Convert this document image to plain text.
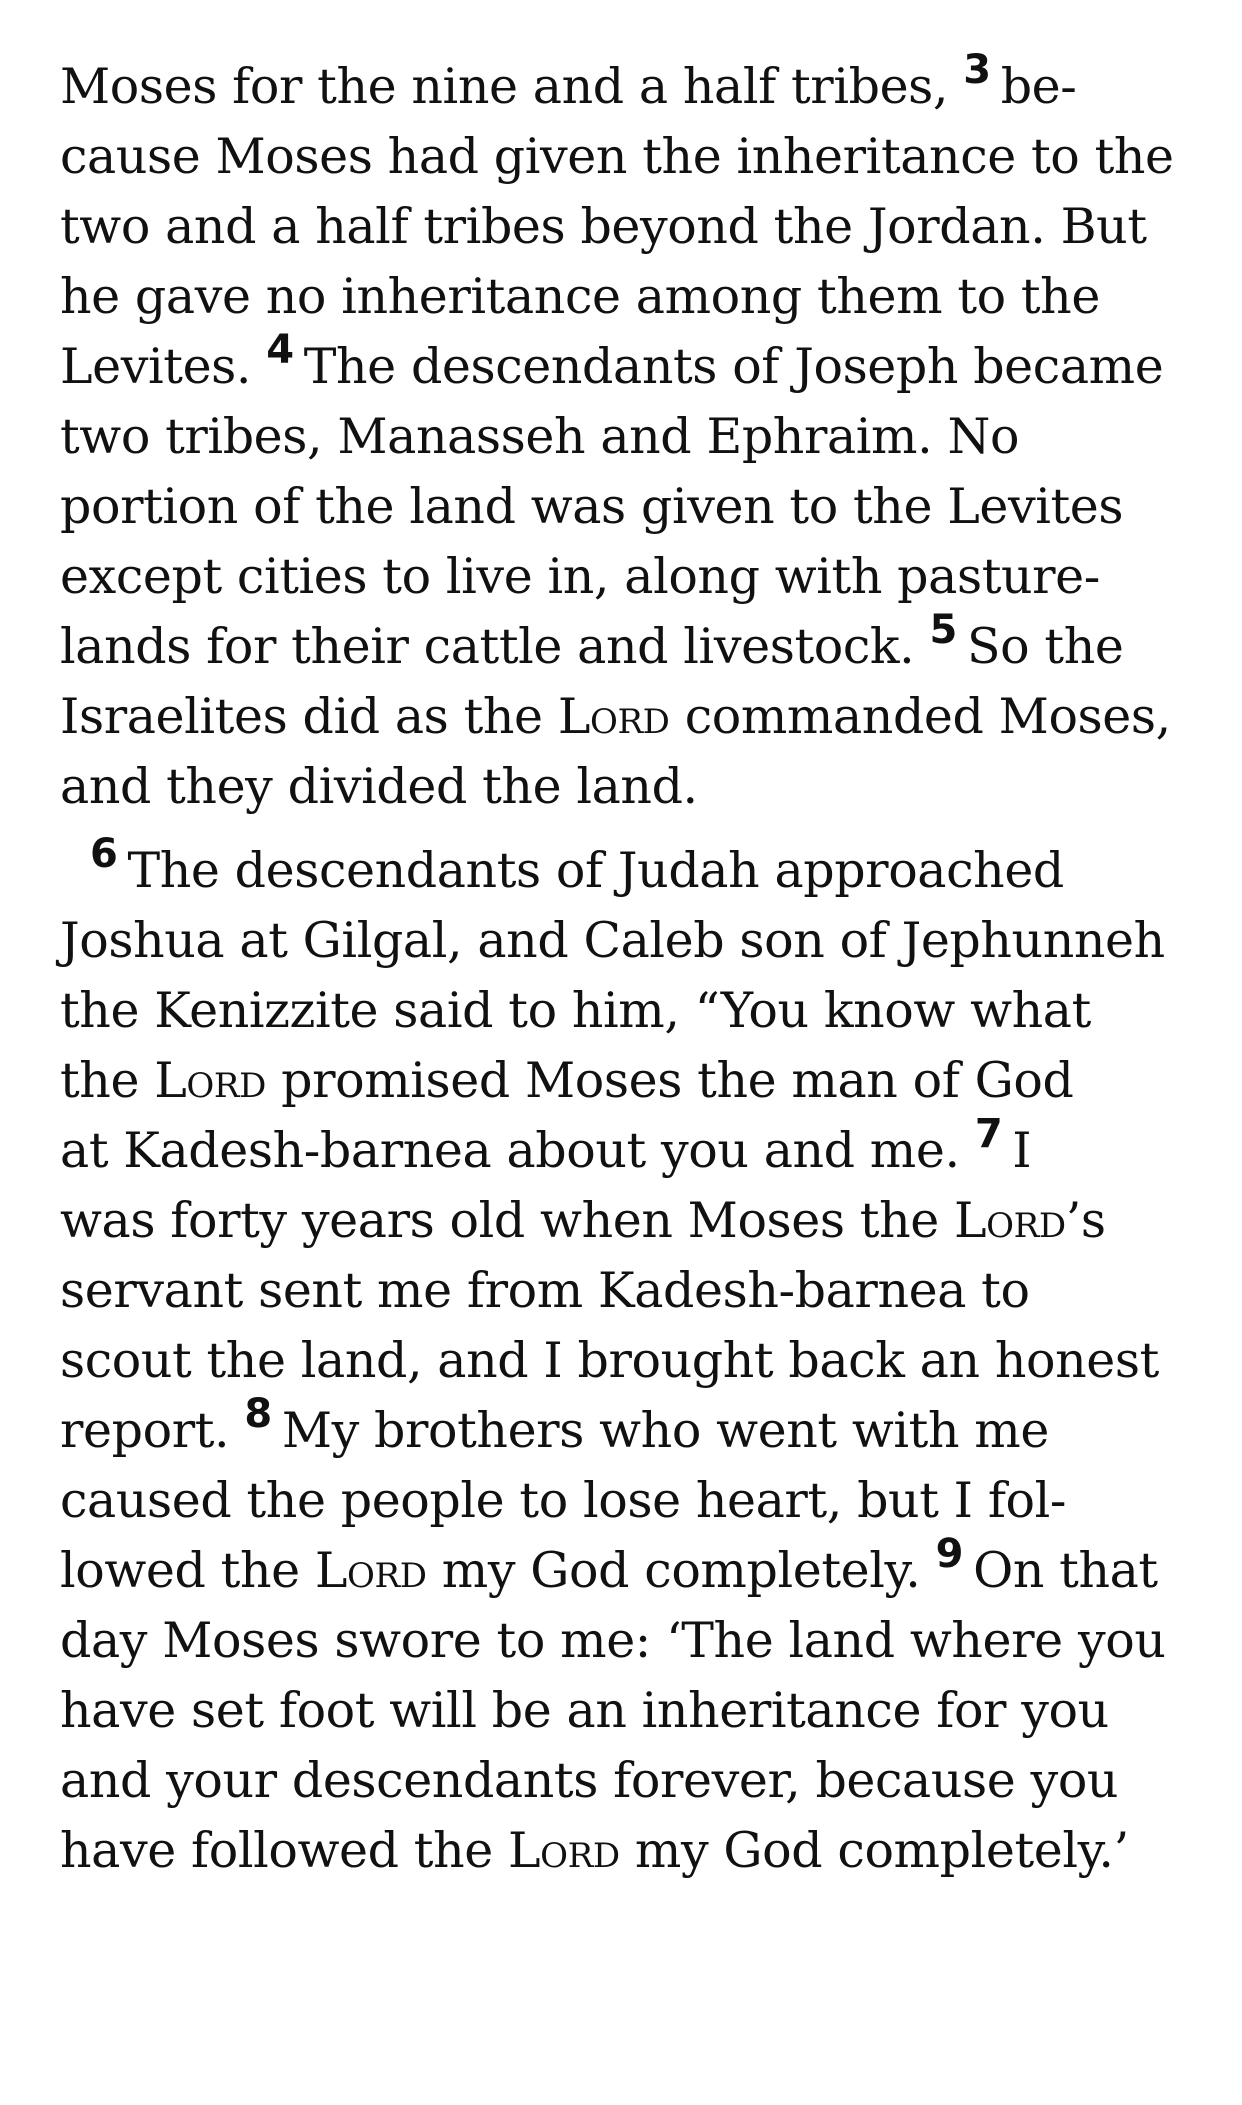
Moses for the nine and a half tribes, $^3$ be-
cause Moses had given the inheritance to the
two and a half tribes beyond the Jordan. But
he gave no inheritance among them to the
Levites. $^4$ The descendants of Joseph became
two tribes, Manasseh and Ephraim. No
portion of the land was given to the Levites
except cities to live in, along with pasture-
lands for their cattle and livestock. $^5$ So the
Israelites did as the Lord commanded Moses,
and they divided the land.
$^6$ The descendants of Judah approached
Joshua at Gilgal, and Caleb son of Jephunneh
the Kenizzite said to him, “You know what
the Lord promised Moses the man of God
at Kadesh-barnea about you and me. $^7$ I
was forty years old when Moses the Lord’s
servant sent me from Kadesh-barnea to
scout the land, and I brought back an honest
report. $^8$ My brothers who went with me
caused the people to lose heart, but I fol-
lowed the Lord my God completely. $^9$ On that
day Moses swore to me: ‘The land where you
have set foot will be an inheritance for you
and your descendants forever, because you
have followed the Lord my God completely.’
